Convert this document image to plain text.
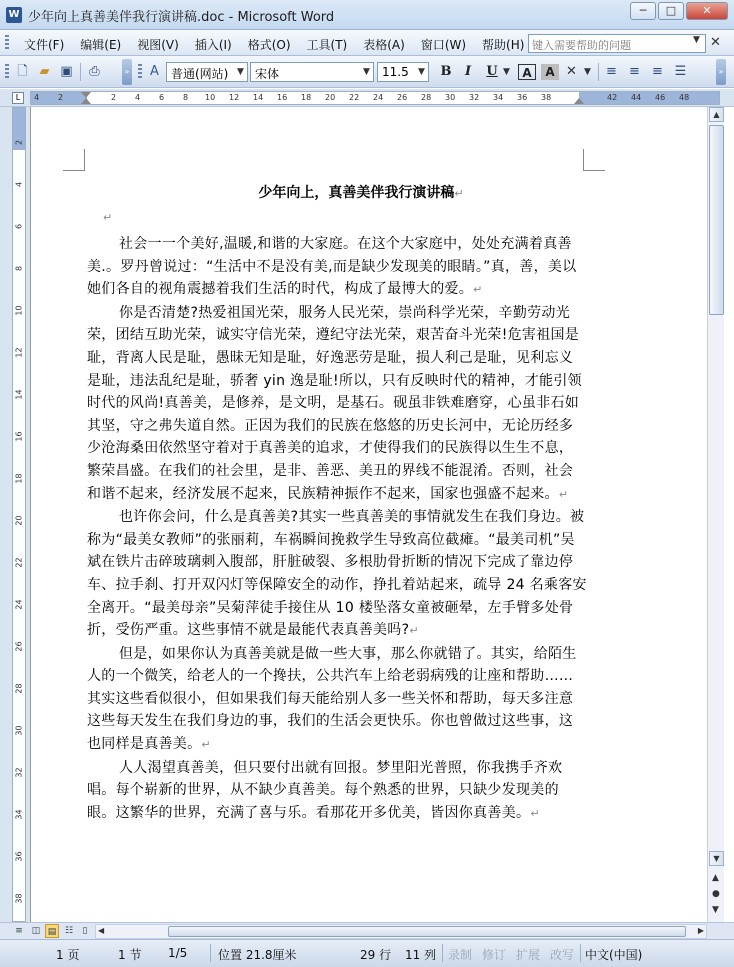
W 少年向上真善美伴我行演讲稿.doc - Microsoft Word	─	□	✕
文件(F)	编辑(E)	视图(V)	插入(I)	格式(O)	工具(T)	表格(A)	窗口(W)	帮助(H) 键入需要帮助的问题	▼ ✕
🗋 ▰ ▣ ⎙	»	A	普通(网站) ▼ 宋体	▼	11.5	▼ B	I	U ▼	A	A ✕ ▼ ≡ ≡ ≡ ☰	»
L	4 2	2 4 6 8 10 12 14 16 18 20 22 24 26 28 30 32 34 36 38	42 44 46 48
2
4
6
8
10
12
14
16
18
20
22
24
26
28
30
32
34
36
38
少年向上，真善美伴我行演讲稿↵
↵

社会一一个美好,温暖,和谐的大家庭。在这个大家庭中，处处充满着真善美.。罗丹曾说过：“生活中不是没有美,而是缺少发现美的眼睛。”真，善，美以她们各自的视角震撼着我们生活的时代，构成了最博大的爱。↵

你是否清楚?热爱祖国光荣，服务人民光荣，崇尚科学光荣，辛勤劳动光荣，团结互助光荣，诚实守信光荣，遵纪守法光荣，艰苦奋斗光荣!危害祖国是耻，背离人民是耻，愚昧无知是耻，好逸恶劳是耻，损人利己是耻，见利忘义是耻，违法乱纪是耻，骄奢 yin 逸是耻!所以，只有反映时代的精神，才能引领时代的风尚!真善美，是修养，是文明，是基石。砚虽非铁难磨穿，心虽非石如其坚，守之弗失道自然。正因为我们的民族在悠悠的历史长河中，无论历经多少沧海桑田依然坚守着对于真善美的追求，才使得我们的民族得以生生不息，繁荣昌盛。在我们的社会里，是非、善恶、美丑的界线不能混淆。否则，社会和谐不起来，经济发展不起来，民族精神振作不起来，国家也强盛不起来。↵

也许你会问，什么是真善美?其实一些真善美的事情就发生在我们身边。被称为“最美女教师”的张丽莉，车祸瞬间挽救学生导致高位截瘫。“最美司机”吴斌在铁片击碎玻璃刺入腹部，肝脏破裂、多根肋骨折断的情况下完成了靠边停车、拉手刹、打开双闪灯等保障安全的动作，挣扎着站起来，疏导 24 名乘客安全离开。“最美母亲”吴菊萍徒手接住从 10 楼坠落女童被砸晕，左手臂多处骨折，受伤严重。这些事情不就是最能代表真善美吗?↵

但是，如果你认为真善美就是做一些大事，那么你就错了。其实，给陌生人的一个微笑，给老人的一个搀扶，公共汽车上给老弱病残的让座和帮助……其实这些看似很小，但如果我们每天能给别人多一些关怀和帮助，每天多注意这些每天发生在我们身边的事，我们的生活会更快乐。你也曾做过这些事，这也同样是真善美。↵

人人渴望真善美，但只要付出就有回报。梦里阳光普照，你我携手齐欢唱。每个崭新的世界，从不缺少真善美。每个熟悉的世界，只缺少发现美的眼。这繁华的世界，充满了喜与乐。看那花开多优美，皆因你真善美。↵

▲
▼
▲
●
▼
≡ ◫ ▤ ☷	▯	◀	▶
1 页	1 节 1/5	位置 21.8厘米	29 行 11 列 录制 修订 扩展 改写 中文(中国)
